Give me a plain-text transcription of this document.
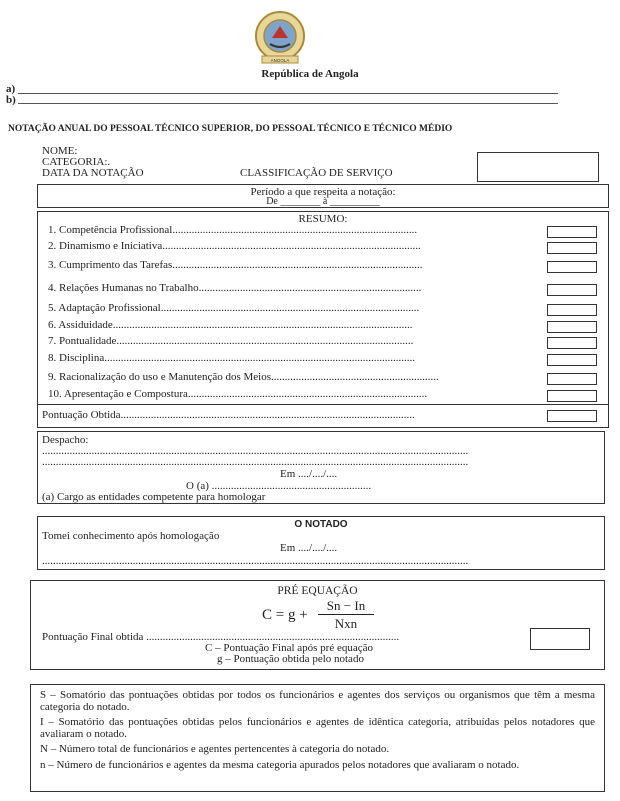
ANGOLA
República de Angola
a)
b)
NOTAÇÃO ANUAL DO PESSOAL TÉCNICO SUPERIOR, DO PESSOAL TÉCNICO E TÉCNICO MÉDIO
NOME:
CATEGORIA:.
DATA DA NOTAÇÃO	CLASSIFICAÇÃO DE SERVIÇO
Período a que respeita a notação:
De ________ à __________
RESUMO:
1. Competência Profissional.........................................................................................
2. Dinamismo e Iniciativa..............................................................................................
3. Cumprimento das Tarefas...........................................................................................
4. Relações Humanas no Trabalho.................................................................................
5. Adaptação Profissional..............................................................................................
6. Assiduidade.............................................................................................................
7. Pontualidade............................................................................................................
8. Disciplina.................................................................................................................
9. Racionalização do uso e Manutenção dos Meios.............................................................
10. Apresentação e Compostura.......................................................................................
Pontuação Obtida...........................................................................................................
Despacho:
...........................................................................................................................................................
...........................................................................................................................................................
Em ..../..../....
O (a) ..........................................................
(a) Cargo as entidades competente para homologar
O NOTADO
Tomei conhecimento após homologação
Em ..../..../....
...........................................................................................................................................................
PRÉ EQUAÇÃO
C = g +
Sn − In
Nxn
Pontuação Final obtida ............................................................................................
C – Pontuação Final após pré equação
g – Pontuação obtida pelo notado
S – Somatório das pontuações obtidas por todos os funcionários e agentes dos serviços ou organismos que têm a mesma categoria do notado.
I – Somatório das pontuações obtidas pelos funcionários e agentes de idêntica categoria, atribuídas pelos notadores que avaliaram o notado.
N – Número total de funcionários e agentes pertencentes à categoria do notado.
n – Número de funcionários e agentes da mesma categoria apurados pelos notadores que avaliaram o notado.
